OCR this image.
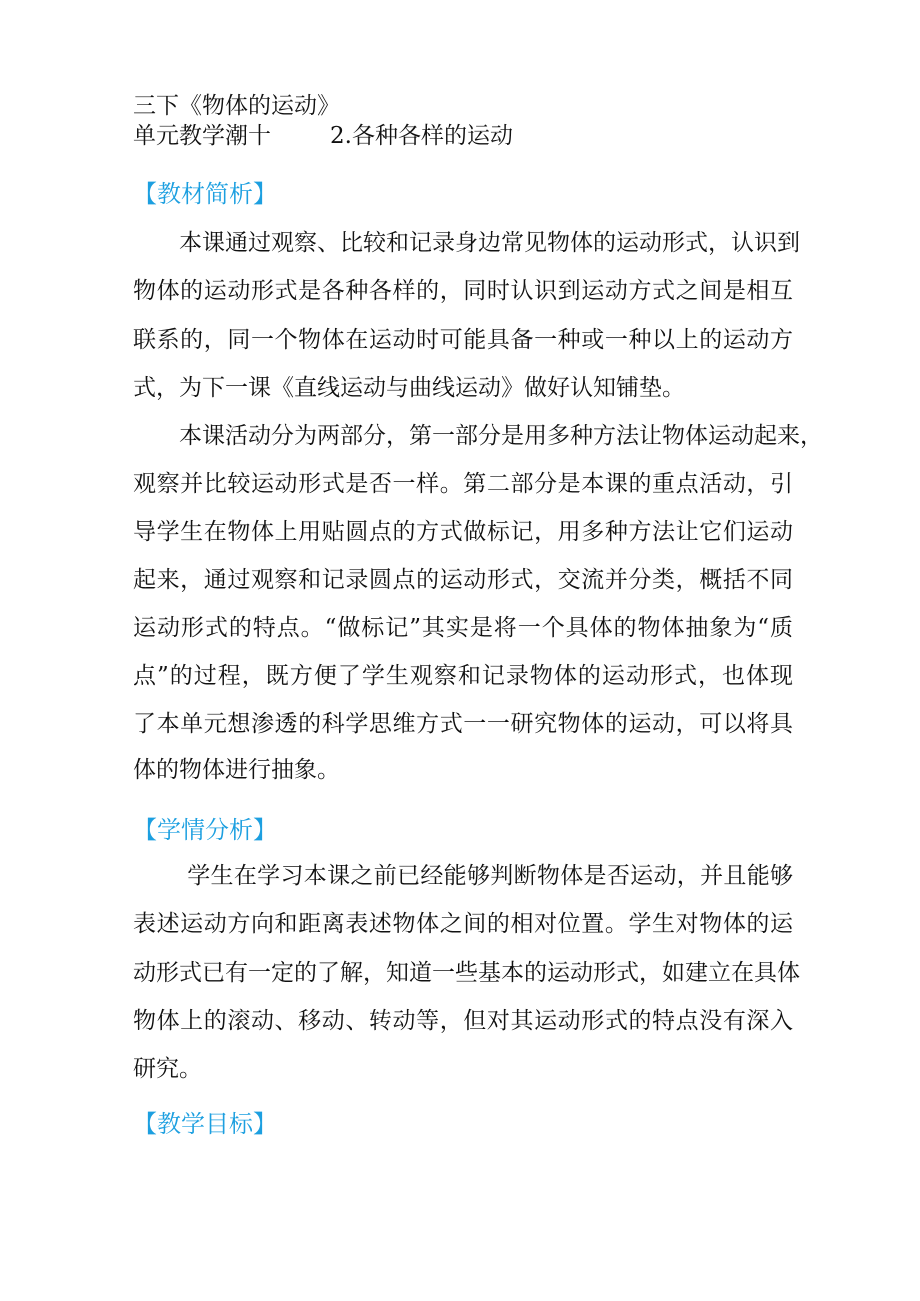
三下《物体的运动》
单元教学潮十	2.各种各样的运动
【教材简析】
　　本课通过观察、比较和记录身边常见物体的运动形式，认识到
物体的运动形式是各种各样的，同时认识到运动方式之间是相互
联系的，同一个物体在运动时可能具备一种或一种以上的运动方
式，为下一课《直线运动与曲线运动》做好认知铺垫。
　　本课活动分为两部分，第一部分是用多种方法让物体运动起来，
观察并比较运动形式是否一样。第二部分是本课的重点活动，引
导学生在物体上用贴圆点的方式做标记，用多种方法让它们运动
起来，通过观察和记录圆点的运动形式，交流并分类，概括不同
运动形式的特点。“做标记”其实是将一个具体的物体抽象为“质
点”的过程，既方便了学生观察和记录物体的运动形式，也体现
了本单元想渗透的科学思维方式一一研究物体的运动，可以将具
体的物体进行抽象。
【学情分析】
　　 学生在学习本课之前已经能够判断物体是否运动，并且能够
表述运动方向和距离表述物体之间的相对位置。学生对物体的运
动形式已有一定的了解，知道一些基本的运动形式，如建立在具体
物体上的滚动、移动、转动等，但对其运动形式的特点没有深入
研究。
【教学目标】
